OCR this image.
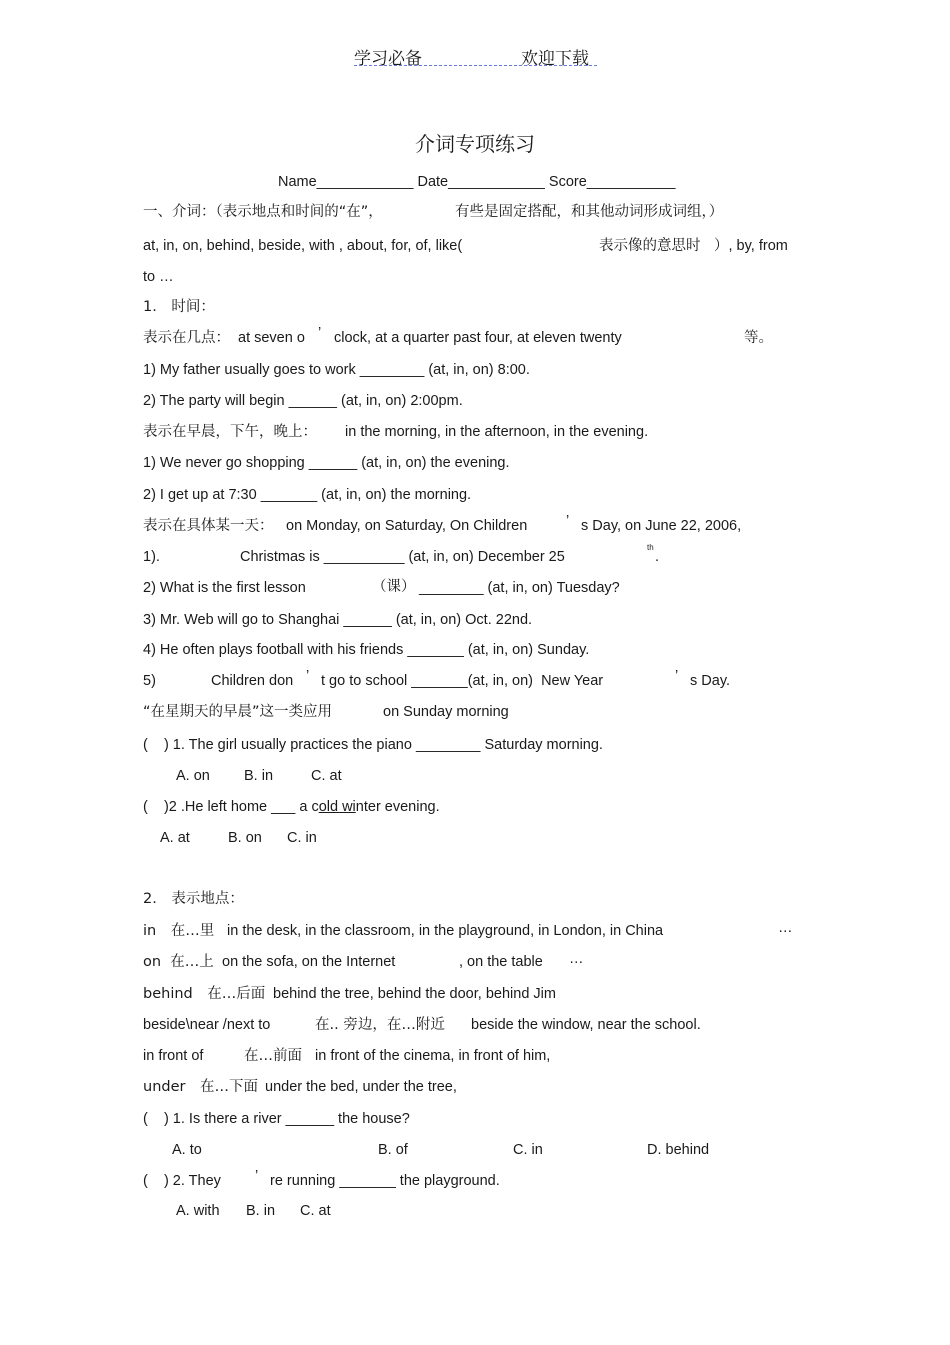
学习必备	欢迎下载
介词专项练习
Name____________ Date____________ Score___________
一、介词：（表示地点和时间的“在”，	有些是固定搭配，和其他动词形成词组，）
at, in, on, behind, beside, with , about, for, of, like(	表示像的意思时 ）, by, from
to …
1.　时间：
表示在几点： at seven o ’ clock, at a quarter past four, at eleven twenty	等。
1) My father usually goes to work ________ (at, in, on) 8:00.
2) The party will begin ______ (at, in, on) 2:00pm.
表示在早晨，下午，晚上： in the morning, in the afternoon, in the evening.
1) We never go shopping ______ (at, in, on) the evening.
2) I get up at 7:30 _______ (at, in, on) the morning.
表示在具体某一天： on Monday, on Saturday, On Children	’ s Day, on June 22, 2006,
1).	Christmas is __________ (at, in, on) December 25
th
.
2) What is the first lesson	（课） ________ (at, in, on) Tuesday?
3) Mr. Web will go to Shanghai ______ (at, in, on) Oct. 22nd.
4) He often plays football with his friends _______ (at, in, on) Sunday.
5)	Children don ’ t go to school _______(at, in, on)  New Year	’ s Day.
“在星期天的早晨”这一类应用	on Sunday morning
(    ) 1. The girl usually practices the piano ________ Saturday morning.
A. on B. in	C. at
(    )2 .He left home ___ a cold winter evening.
A. at	B. on C. in
2.　表示地点：
in　在…里 in the desk, in the classroom, in the playground, in London, in China	…
on  在…上 on the sofa, on the Internet	, on the table …
behind　在…后面 behind the tree, behind the door, behind Jim
beside\near /next to	在.. 旁边，在…附近 beside the window, near the school.
in front of	在…前面 in front of the cinema, in front of him,
under　在…下面 under the bed, under the tree,
(    ) 1. Is there a river ______ the house?
A. to	B. of	C. in	D. behind
(    ) 2. They ’ re running _______ the playground.
A. with B. in C. at
